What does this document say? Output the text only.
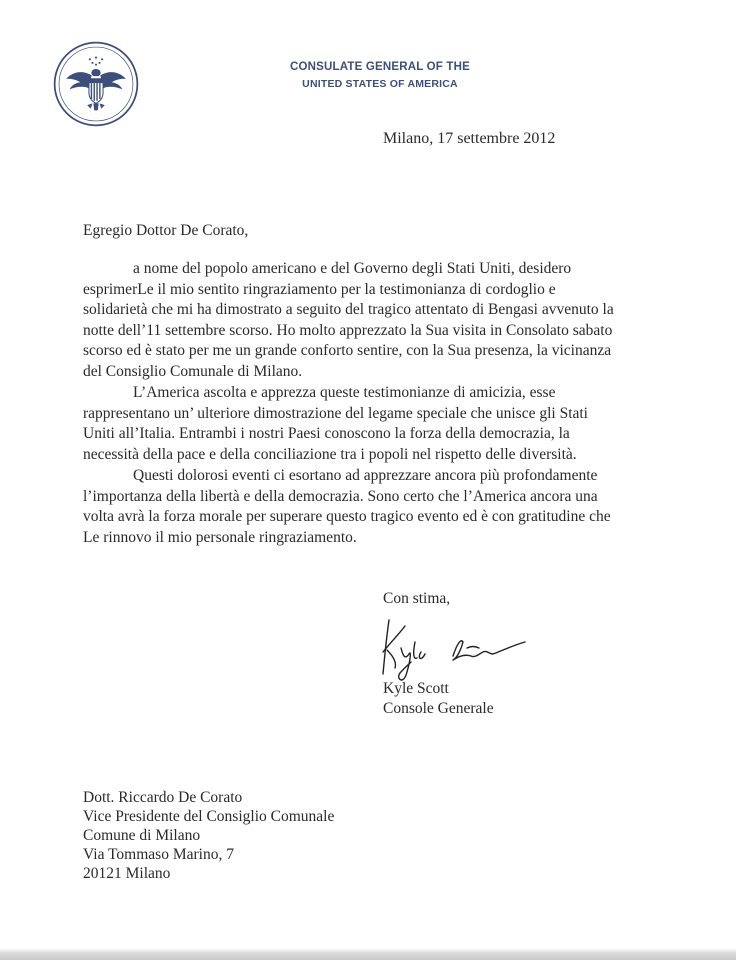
CONSULATE GENERAL OF THE
UNITED STATES OF AMERICA
Milano, 17 settembre 2012
Egregio Dottor De Corato,

a nome del popolo americano e del Governo degli Stati Uniti, desidero
esprimerLe il mio sentito ringraziamento per la testimonianza di cordoglio e
solidarietà che mi ha dimostrato a seguito del tragico attentato di Bengasi avvenuto la
notte dell’11 settembre scorso. Ho molto apprezzato la Sua visita in Consolato sabato
scorso ed è stato per me un grande conforto sentire, con la Sua presenza, la vicinanza
del Consiglio Comunale di Milano.

L’America ascolta e apprezza queste testimonianze di amicizia, esse
rappresentano un’ ulteriore dimostrazione del legame speciale che unisce gli Stati
Uniti all’Italia. Entrambi i nostri Paesi conoscono la forza della democrazia, la
necessità della pace e della conciliazione tra i popoli nel rispetto delle diversità.

Questi dolorosi eventi ci esortano ad apprezzare ancora più profondamente
l’importanza della libertà e della democrazia. Sono certo che l’America ancora una
volta avrà la forza morale per superare questo tragico evento ed è con gratitudine che
Le rinnovo il mio personale ringraziamento.

Con stima,
Kyle Scott
Console Generale
Dott. Riccardo De Corato
Vice Presidente del Consiglio Comunale
Comune di Milano
Via Tommaso Marino, 7
20121 Milano
